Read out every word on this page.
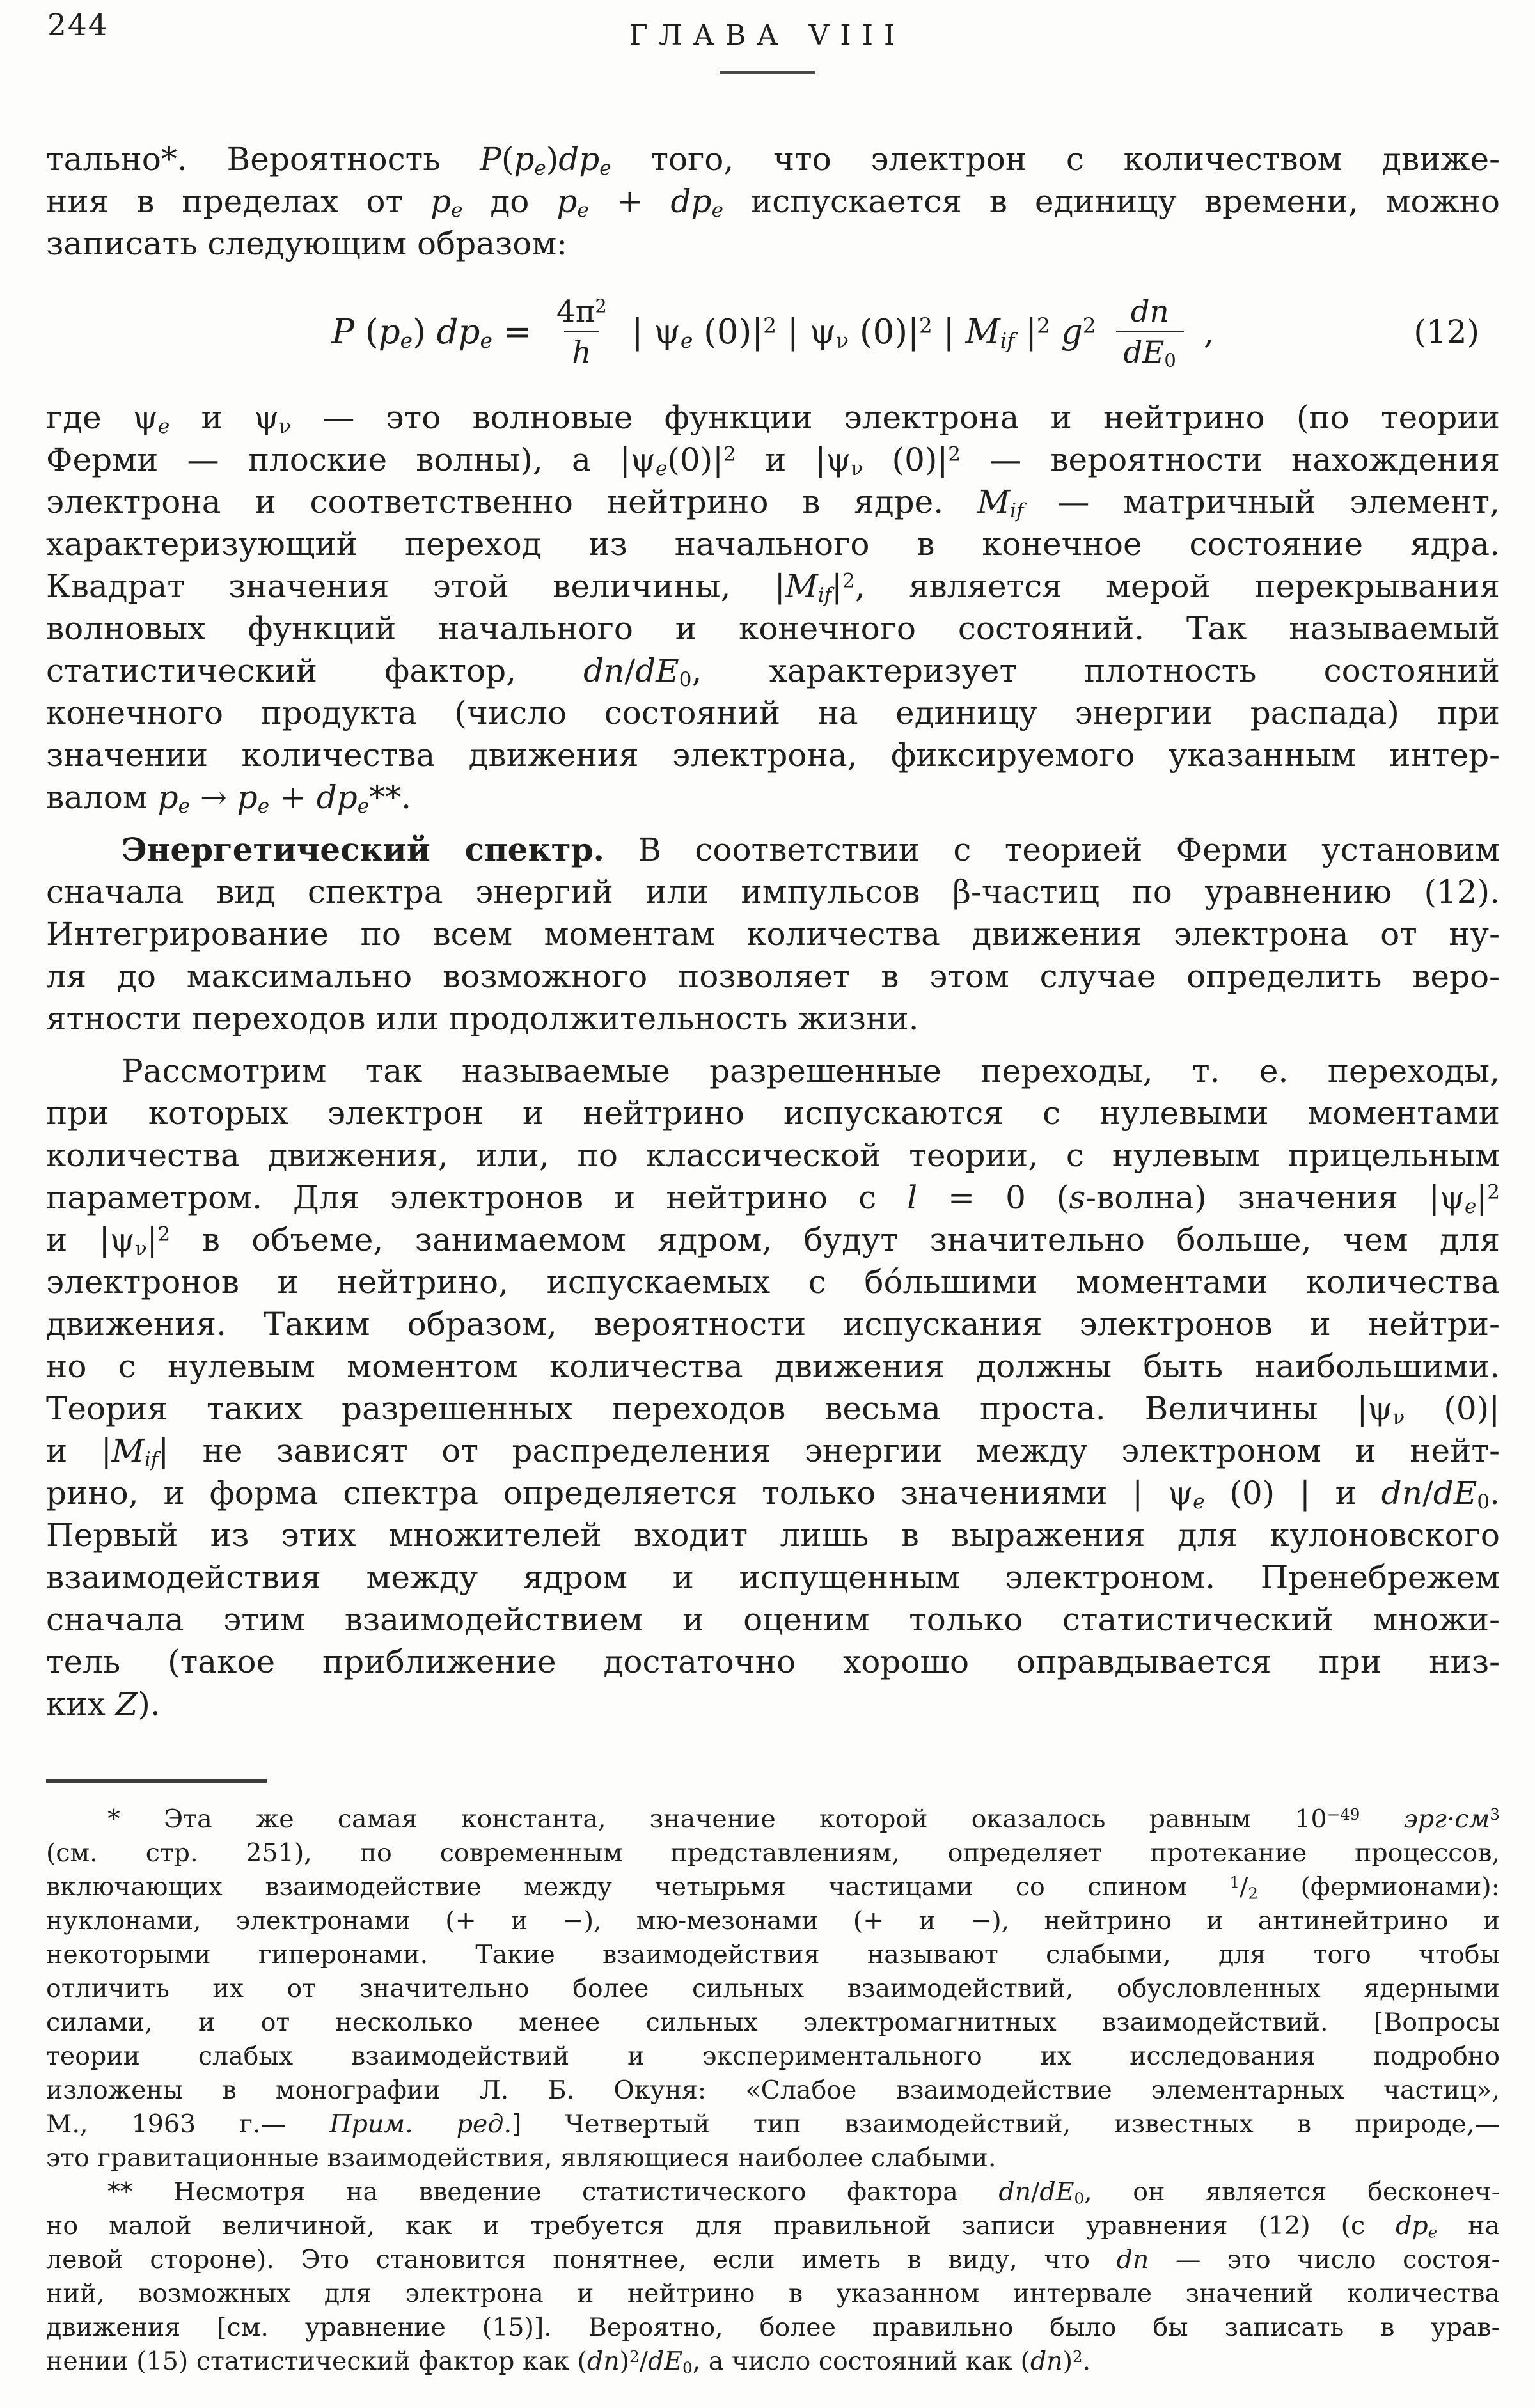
244	ГЛАВА VIII

тально*. Вероятность P(pe)dpe того, что электрон с количеством движе-
ния в пределах от pe до pe + dpe испускается в единицу времени, можно
записать следующим образом:

P (pe) dpe = $\frac{4\pi^2}{h}$ | ψe $(0)|^2$ | ψν $(0)|^2$ | Mif $|^2$ $g^2 \frac{dn}{dE0}$ ,	(12)

где ψe и ψν — это волновые функции электрона и нейтрино (по теории
Ферми — плоские волны), а $|\psi e(0)|^2$ и |ψν $(0)|^2$ — вероятности нахождения
электрона и соответственно нейтрино в ядре. Mif — матричный элемент,
характеризующий переход из начального в конечное состояние ядра.
Квадрат значения этой величины, $|Mif|^2$, является мерой перекрывания
волновых функций начального и конечного состояний. Так называемый
статистический фактор, dn/dE0, характеризует плотность состояний
конечного продукта (число состояний на единицу энергии распада) при
значении количества движения электрона, фиксируемого указанным интер-
валом pe → pe + dpe**.

Энергетический спектр. В соответствии с теорией Ферми установим
сначала вид спектра энергий или импульсов β-частиц по уравнению (12).
Интегрирование по всем моментам количества движения электрона от ну-
ля до максимально возможного позволяет в этом случае определить веро-
ятности переходов или продолжительность жизни.

Рассмотрим так называемые разрешенные переходы, т. е. переходы,
при которых электрон и нейтрино испускаются с нулевыми моментами
количества движения, или, по классической теории, с нулевым прицельным
параметром. Для электронов и нейтрино с l = 0 (s-волна) значения $|\psi e|^2$
и $|\psi\nu|^2$ в объеме, занимаемом ядром, будут значительно больше, чем для
электронов и нейтрино, испускаемых с бо́льшими моментами количества
движения. Таким образом, вероятности испускания электронов и нейтри-
но с нулевым моментом количества движения должны быть наибольшими.
Теория таких разрешенных переходов весьма проста. Величины |ψν (0)|
и |Mif| не зависят от распределения энергии между электроном и нейт-
рино, и форма спектра определяется только значениями | ψe (0) | и dn/dE0.
Первый из этих множителей входит лишь в выражения для кулоновского
взаимодействия между ядром и испущенным электроном. Пренебрежем
сначала этим взаимодействием и оценим только статистический множи-
тель (такое приближение достаточно хорошо оправдывается при низ-
ких Z).

* Эта же самая константа, значение которой оказалось равным $10^{-49}$ $эрг\cdot см^3$
(см. стр. 251), по современным представлениям, определяет протекание процессов,
включающих взаимодействие между четырьмя частицами со спином $^1$/2 (фермионами):
нуклонами, электронами (+ и −), мю-мезонами (+ и −), нейтрино и антинейтрино и
некоторыми гиперонами. Такие взаимодействия называют слабыми, для того чтобы
отличить их от значительно более сильных взаимодействий, обусловленных ядерными
силами, и от несколько менее сильных электромагнитных взаимодействий. [Вопросы
теории слабых взаимодействий и экспериментального их исследования подробно
изложены в монографии Л. Б. Окуня: «Слабое взаимодействие элементарных частиц»,
М., 1963 г.— Прим. ред.] Четвертый тип взаимодействий, известных в природе,—
это гравитационные взаимодействия, являющиеся наиболее слабыми.

** Несмотря на введение статистического фактора dn/dE0, он является бесконеч-
но малой величиной, как и требуется для правильной записи уравнения (12) (с dpe на
левой стороне). Это становится понятнее, если иметь в виду, что dn — это число состоя-
ний, возможных для электрона и нейтрино в указанном интервале значений количества
движения [см. уравнение (15)]. Вероятно, более правильно было бы записать в урав-
нении (15) статистический фактор как (dn)$^2$/dE0, а число состояний как (dn)$^2$.
